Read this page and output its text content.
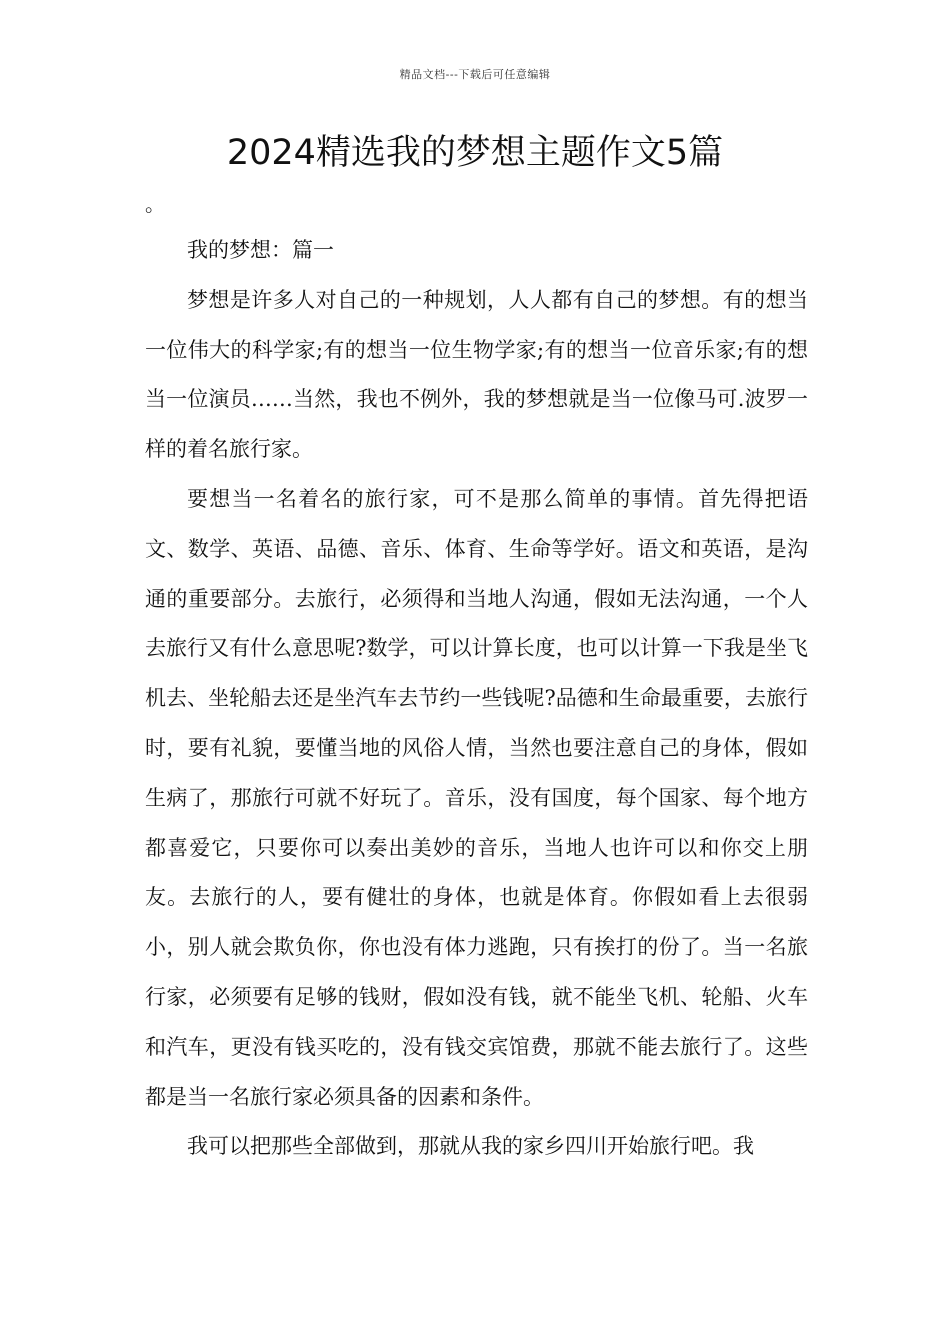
精品文档---下载后可任意编辑
2024精选我的梦想主题作文5篇
。

我的梦想：篇一

梦想是许多人对自己的一种规划，人人都有自己的梦想。有的想当一位伟大的科学家;有的想当一位生物学家;有的想当一位音乐家;有的想当一位演员……当然，我也不例外，我的梦想就是当一位像马可.波罗一样的着名旅行家。

要想当一名着名的旅行家，可不是那么简单的事情。首先得把语文、数学、英语、品德、音乐、体育、生命等学好。语文和英语，是沟通的重要部分。去旅行，必须得和当地人沟通，假如无法沟通，一个人去旅行又有什么意思呢?数学，可以计算长度，也可以计算一下我是坐飞机去、坐轮船去还是坐汽车去节约一些钱呢?品德和生命最重要，去旅行时，要有礼貌，要懂当地的风俗人情，当然也要注意自己的身体，假如生病了，那旅行可就不好玩了。音乐，没有国度，每个国家、每个地方都喜爱它，只要你可以奏出美妙的音乐，当地人也许可以和你交上朋友。去旅行的人，要有健壮的身体，也就是体育。你假如看上去很弱小，别人就会欺负你，你也没有体力逃跑，只有挨打的份了。当一名旅行家，必须要有足够的钱财，假如没有钱，就不能坐飞机、轮船、火车和汽车，更没有钱买吃的，没有钱交宾馆费，那就不能去旅行了。这些都是当一名旅行家必须具备的因素和条件。

我可以把那些全部做到，那就从我的家乡四川开始旅行吧。我
